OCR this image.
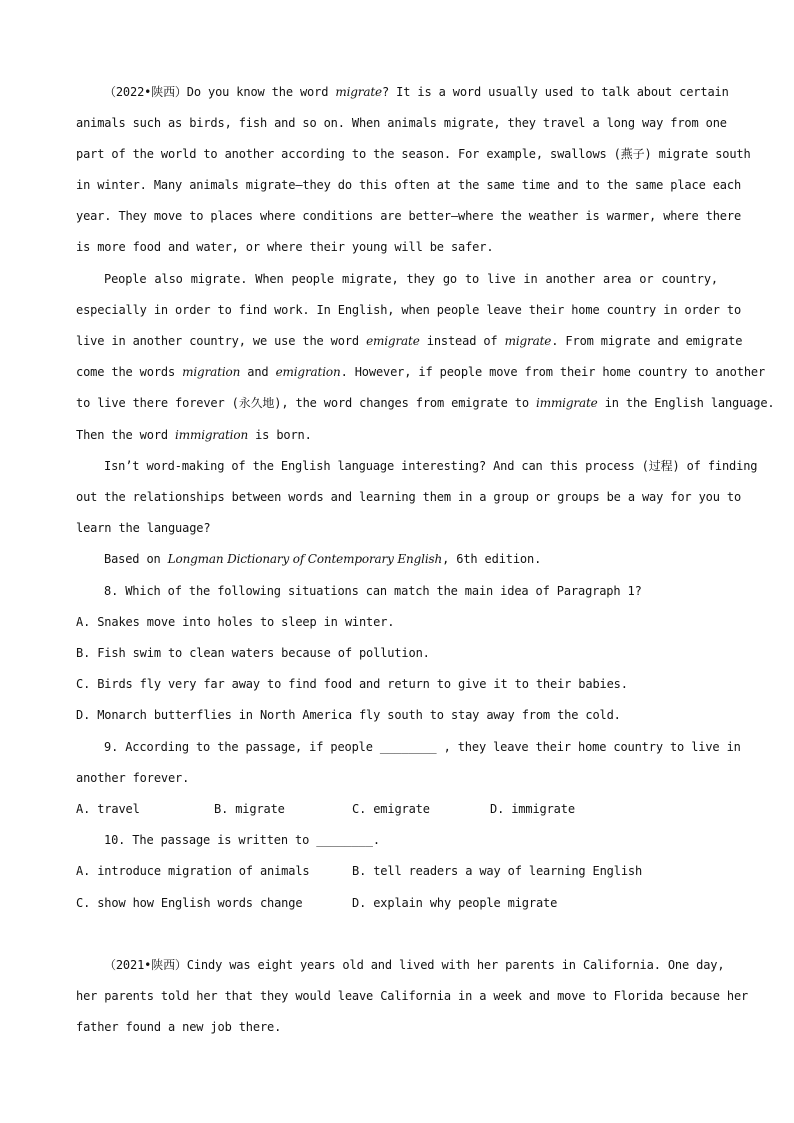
（2022•陕西）Do you know the word migrate? It is a word usually used to talk about certain
animals such as birds, fish and so on. When animals migrate, they travel a long way from one
part of the world to another according to the season. For example, swallows (燕子) migrate south
in winter. Many animals migrate—they do this often at the same time and to the same place each
year. They move to places where conditions are better—where the weather is warmer, where there
is more food and water, or where their young will be safer.
People also migrate. When people migrate, they go to live in another area or country,
especially in order to find work. In English, when people leave their home country in order to
live in another country, we use the word emigrate instead of migrate. From migrate and emigrate
come the words migration and emigration. However, if people move from their home country to another
to live there forever (永久地), the word changes from emigrate to immigrate in the English language.
Then the word immigration is born.
Isn’t word-making of the English language interesting? And can this process (过程) of finding
out the relationships between words and learning them in a group or groups be a way for you to
learn the language?
Based on Longman Dictionary of Contemporary English, 6th edition.
8. Which of the following situations can match the main idea of Paragraph 1?
A. Snakes move into holes to sleep in winter.
B. Fish swim to clean waters because of pollution.
C. Birds fly very far away to find food and return to give it to their babies.
D. Monarch butterflies in North America fly south to stay away from the cold.
9. According to the passage, if people ________ , they leave their home country to live in
another forever.
A. travel	B. migrate	C. emigrate	D. immigrate
10. The passage is written to ________.
A. introduce migration of animals	B. tell readers a way of learning English
C. show how English words change	D. explain why people migrate
（2021•陕西）Cindy was eight years old and lived with her parents in California. One day,
her parents told her that they would leave California in a week and move to Florida because her
father found a new job there.
